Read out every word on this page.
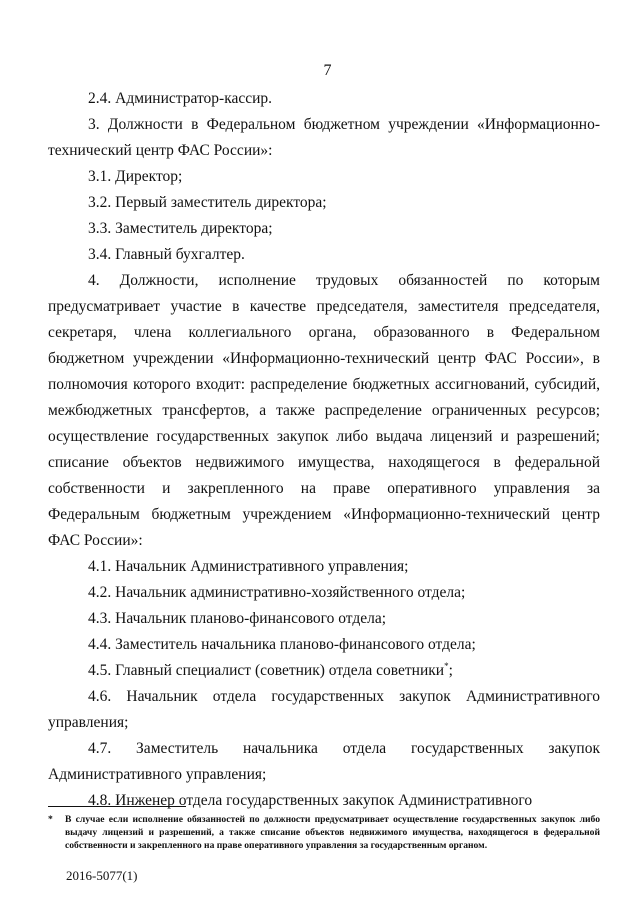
7

2.4. Администратор-кассир.

3. Должности в Федеральном бюджетном учреждении «Информационно-технический центр ФАС России»:

3.1. Директор;

3.2. Первый заместитель директора;

3.3. Заместитель директора;

3.4. Главный бухгалтер.

4. Должности, исполнение трудовых обязанностей по которым предусматривает участие в качестве председателя, заместителя председателя, секретаря, члена коллегиального органа, образованного в Федеральном бюджетном учреждении «Информационно-технический центр ФАС России», в полномочия которого входит: распределение бюджетных ассигнований, субсидий, межбюджетных трансфертов, а также распределение ограниченных ресурсов; осуществление государственных закупок либо выдача лицензий и разрешений; списание объектов недвижимого имущества, находящегося в федеральной собственности и закрепленного на праве оперативного управления за Федеральным бюджетным учреждением «Информационно-технический центр ФАС России»:

4.1. Начальник Административного управления;

4.2. Начальник административно-хозяйственного отдела;

4.3. Начальник планово-финансового отдела;

4.4. Заместитель начальника планово-финансового отдела;

4.5. Главный специалист (советник) отдела советники*;

4.6. Начальник отдела государственных закупок Административного управления;

4.7. Заместитель начальника отдела государственных закупок Административного управления;

4.8. Инженер отдела государственных закупок Административного

*	В случае если исполнение обязанностей по должности предусматривает осуществление государственных закупок либо выдачу лицензий и разрешений, а также списание объектов недвижимого имущества, находящегося в федеральной собственности и закрепленного на праве оперативного управления за государственным органом.
2016-5077(1)
